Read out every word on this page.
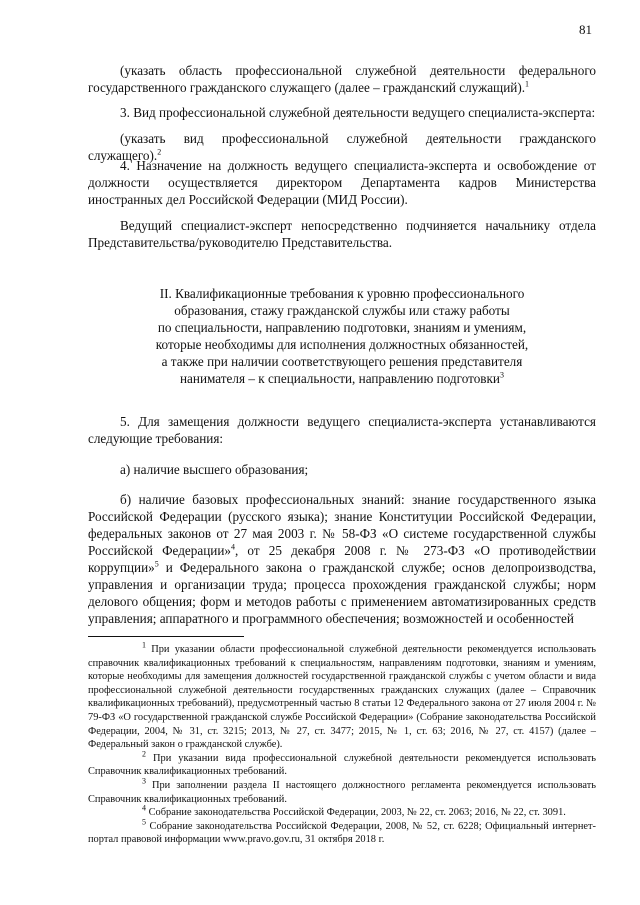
81

(указать область профессиональной служебной деятельности федерального государственного гражданского служащего (далее – гражданский служащий).$^1$

3. Вид профессиональной служебной деятельности ведущего специалиста-эксперта:

(указать вид профессиональной служебной деятельности гражданского служащего).$^2$

4. Назначение на должность ведущего специалиста-эксперта и освобождение от должности осуществляется директором Департамента кадров Министерства иностранных дел Российской Федерации (МИД России).

Ведущий специалист-эксперт непосредственно подчиняется начальнику отдела Представительства/руководителю Представительства.

II. Квалификационные требования к уровню профессионального

образования, стажу гражданской службы или стажу работы

по специальности, направлению подготовки, знаниям и умениям,

которые необходимы для исполнения должностных обязанностей,

а также при наличии соответствующего решения представителя

нанимателя – к специальности, направлению подготовки$^3$

5. Для замещения должности ведущего специалиста-эксперта устанавливаются следующие требования:

а) наличие высшего образования;

б) наличие базовых профессиональных знаний: знание государственного языка Российской Федерации (русского языка); знание Конституции Российской Федерации, федеральных законов от 27 мая 2003 г. № 58-ФЗ «О системе государственной службы Российской Федерации»$^4$, от 25 декабря 2008 г. № 273-ФЗ «О противодействии коррупции»$^5$ и Федерального закона о гражданской службе; основ делопроизводства, управления и организации труда; процесса прохождения гражданской службы; норм делового общения; форм и методов работы с применением автоматизированных средств управления; аппаратного и программного обеспечения; возможностей и особенностей

$^1$ При указании области профессиональной служебной деятельности рекомендуется использовать справочник квалификационных требований к специальностям, направлениям подготовки, знаниям и умениям, которые необходимы для замещения должностей государственной гражданской службы с учетом области и вида профессиональной служебной деятельности государственных гражданских служащих (далее – Справочник квалификационных требований), предусмотренный частью 8 статьи 12 Федерального закона от 27 июля 2004 г. № 79-ФЗ «О государственной гражданской службе Российской Федерации» (Собрание законодательства Российской Федерации, 2004, № 31, ст. 3215; 2013, № 27, ст. 3477; 2015, № 1, ст. 63; 2016, № 27, ст. 4157) (далее – Федеральный закон о гражданской службе).

$^2$ При указании вида профессиональной служебной деятельности рекомендуется использовать Справочник квалификационных требований.

$^3$ При заполнении раздела II настоящего должностного регламента рекомендуется использовать Справочник квалификационных требований.

$^4$ Собрание законодательства Российской Федерации, 2003, № 22, ст. 2063; 2016, № 22, ст. 3091.

$^5$ Собрание законодательства Российской Федерации, 2008, № 52, ст. 6228; Официальный интернет-портал правовой информации www.pravo.gov.ru, 31 октября 2018 г.
